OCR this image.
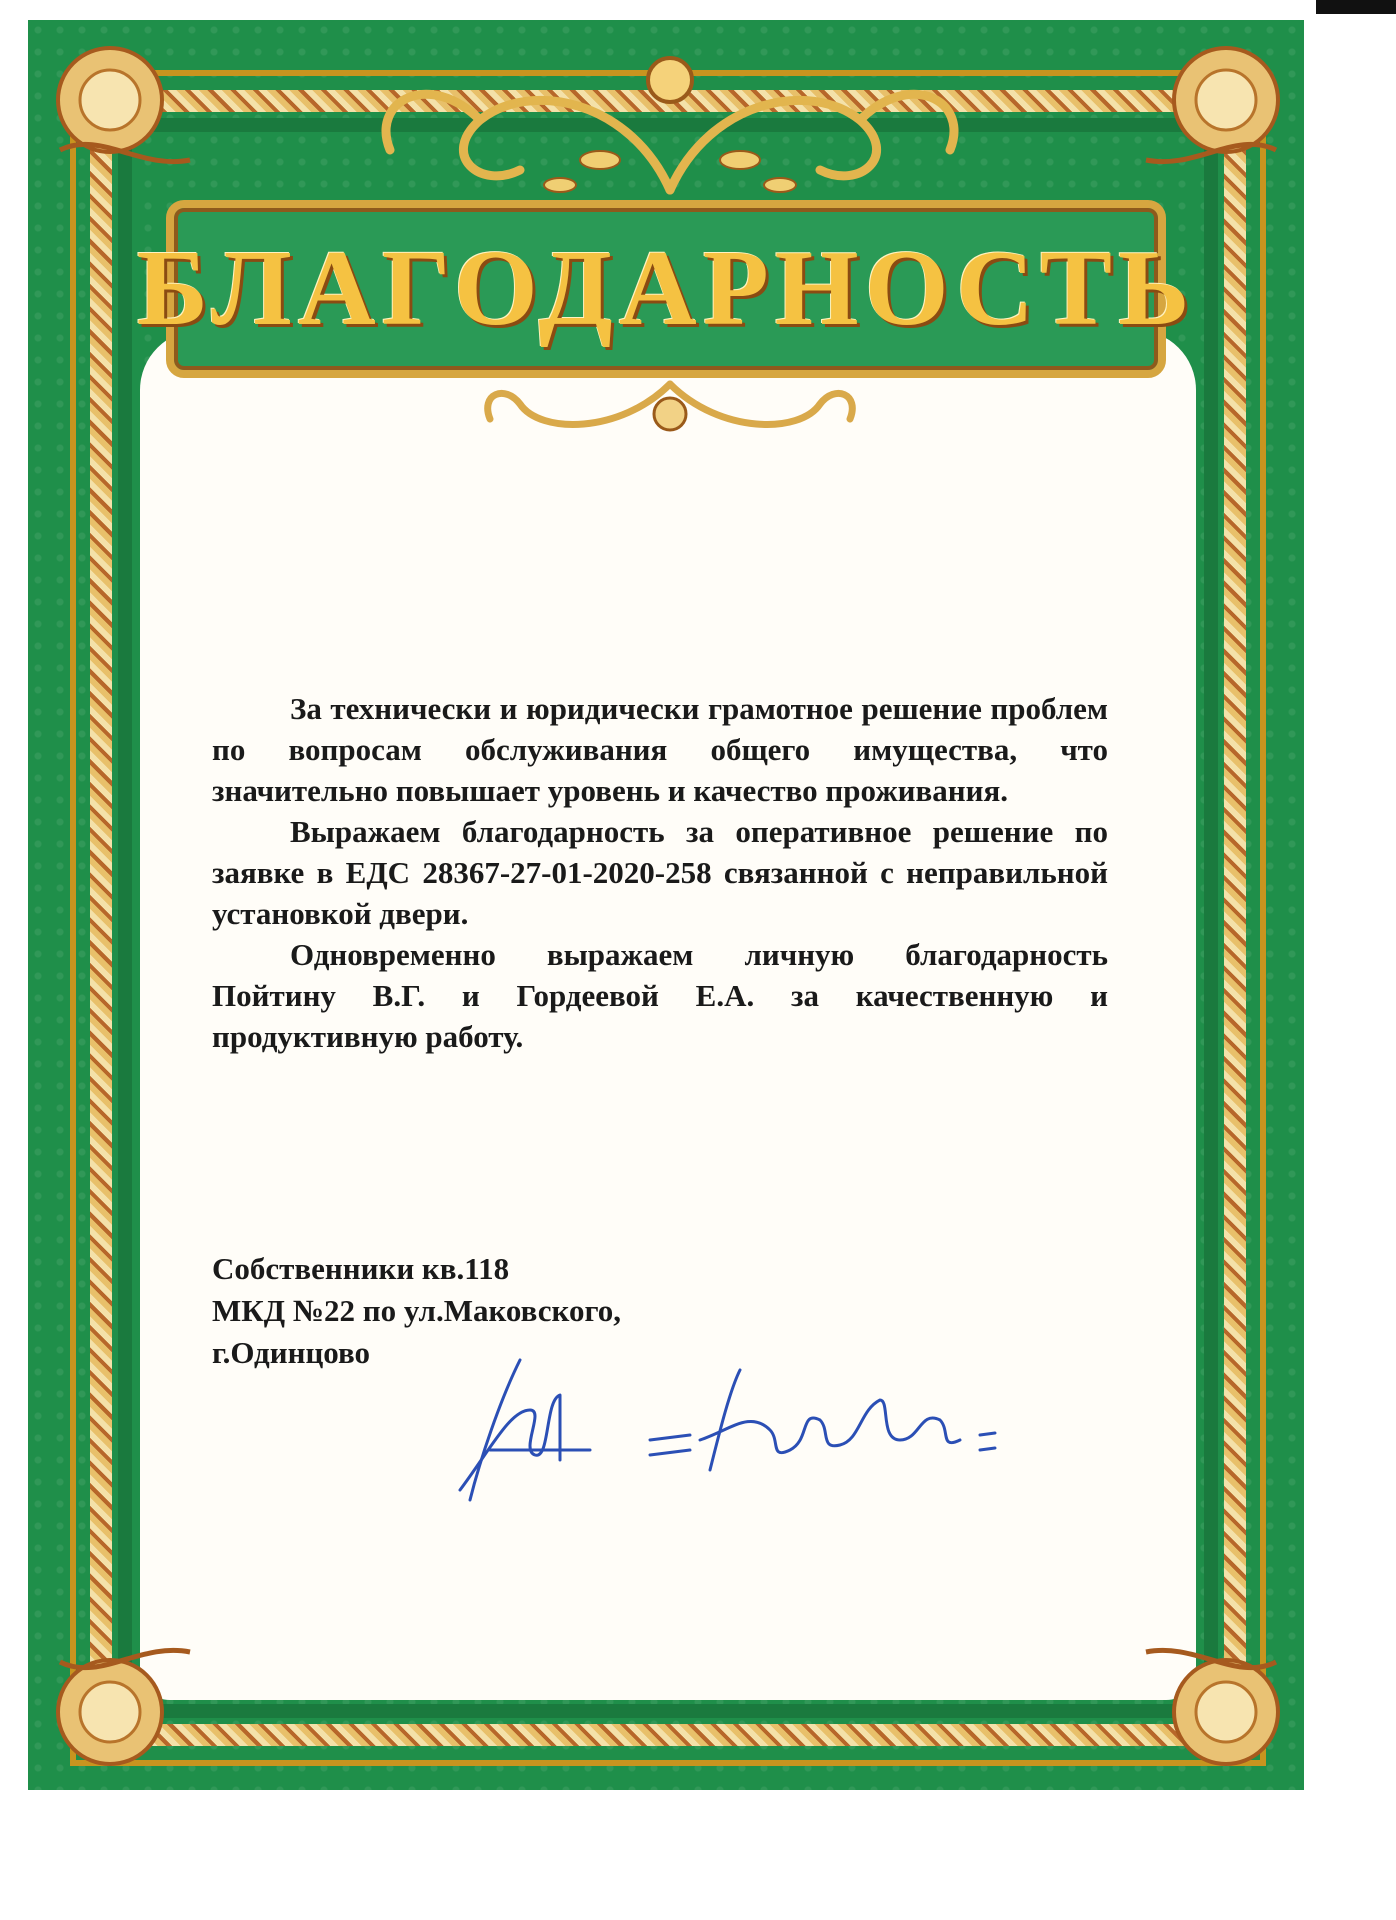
БЛАГОДАРНОСТЬ

За технически и юридически грамотное решение проблем по вопросам обслуживания общего имущества, что значительно повышает уровень и качество проживания.

Выражаем благодарность за оперативное решение по заявке в ЕДС 28367-27-01-2020-258 связанной с неправильной установкой двери.

Одновременно выражаем личную благодарность Пойтину В.Г. и Гордеевой Е.А. за качественную и продуктивную работу.

Собственники кв.118
МКД №22 по ул.Маковского,
г.Одинцово
